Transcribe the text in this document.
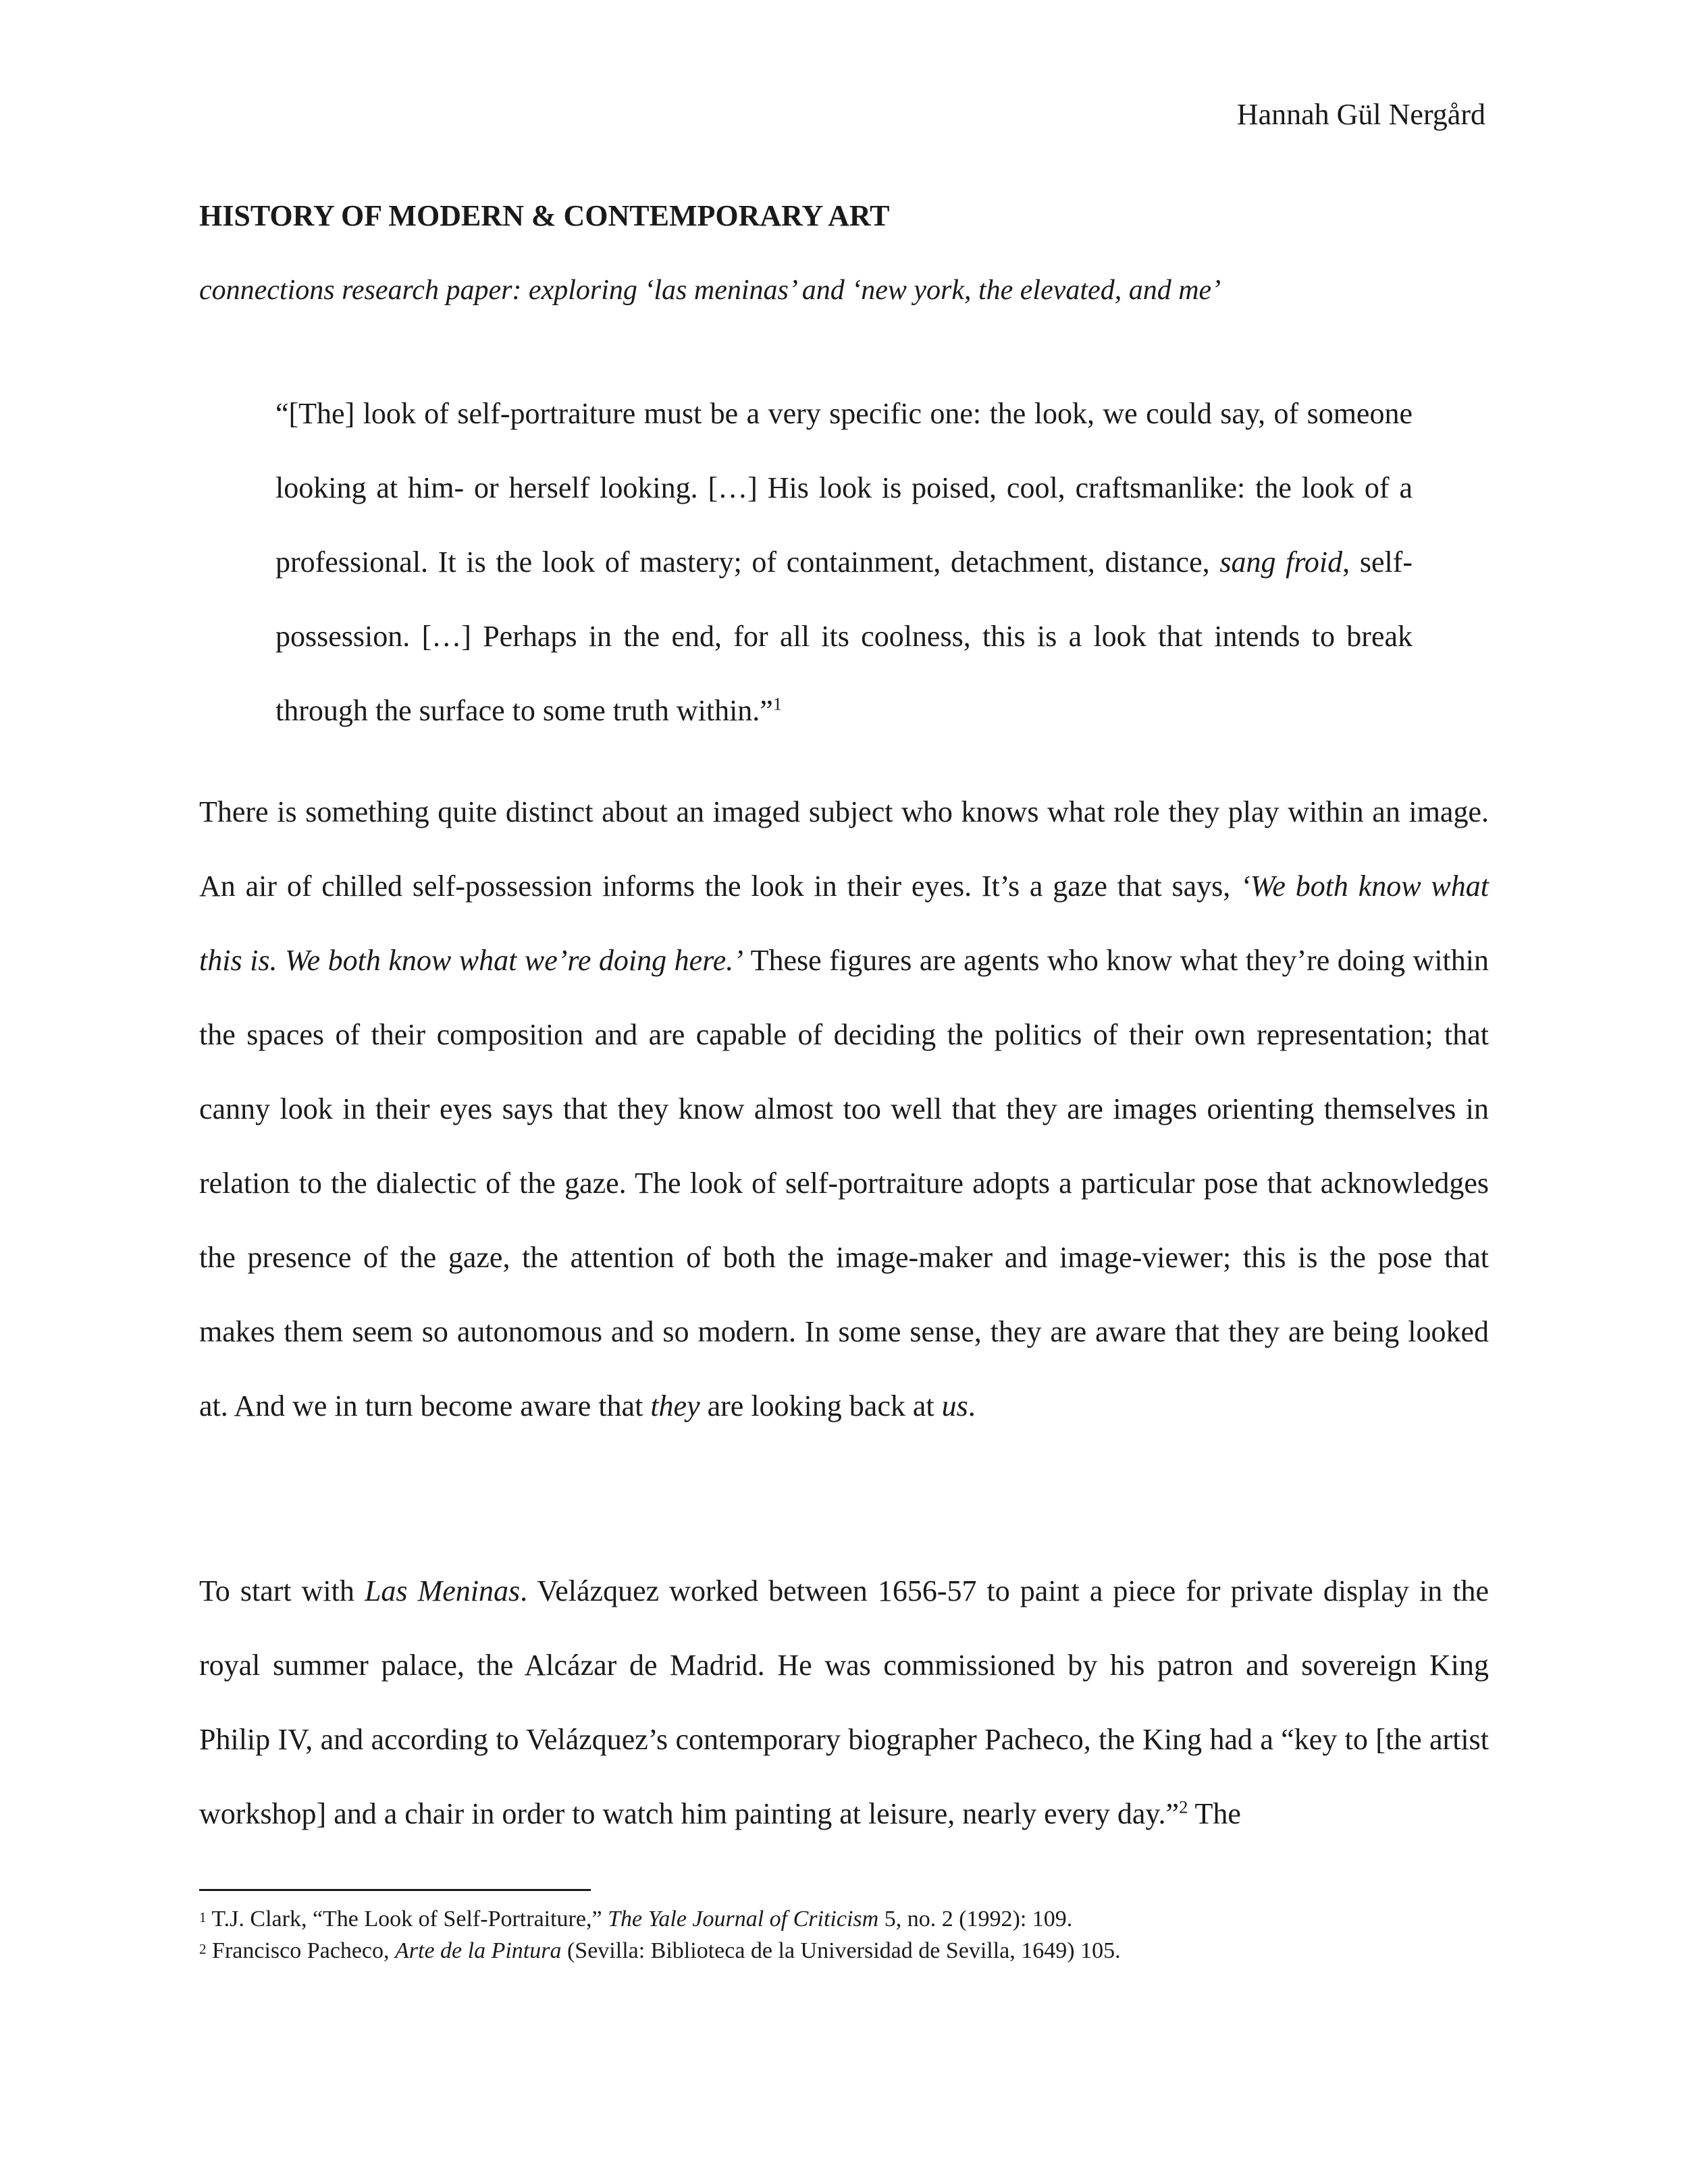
Hannah Gül Nergård
HISTORY OF MODERN & CONTEMPORARY ART
connections research paper: exploring ‘las meninas’ and ‘new york, the elevated, and me’
“[The] look of self-portraiture must be a very specific one: the look, we could say, of someone looking at him- or herself looking. […] His look is poised, cool, craftsmanlike: the look of a professional. It is the look of mastery; of containment, detachment, distance, sang froid, self-possession. […] Perhaps in the end, for all its coolness, this is a look that intends to break through the surface to some truth within.”$^1$
There is something quite distinct about an imaged subject who knows what role they play within an image. An air of chilled self-possession informs the look in their eyes. It’s a gaze that says, ‘We both know what this is. We both know what we’re doing here.’ These figures are agents who know what they’re doing within the spaces of their composition and are capable of deciding the politics of their own representation; that canny look in their eyes says that they know almost too well that they are images orienting themselves in relation to the dialectic of the gaze. The look of self-portraiture adopts a particular pose that acknowledges the presence of the gaze, the attention of both the image-maker and image-viewer; this is the pose that makes them seem so autonomous and so modern. In some sense, they are aware that they are being looked at. And we in turn become aware that they are looking back at us.
To start with Las Meninas. Velázquez worked between 1656-57 to paint a piece for private display in the royal summer palace, the Alcázar de Madrid. He was commissioned by his patron and sovereign King Philip IV, and according to Velázquez’s contemporary biographer Pacheco, the King had a “key to [the artist workshop] and a chair in order to watch him painting at leisure, nearly every day.”$^2$ The
1 T.J. Clark, “The Look of Self-Portraiture,” The Yale Journal of Criticism 5, no. 2 (1992): 109.
2 Francisco Pacheco, Arte de la Pintura (Sevilla: Biblioteca de la Universidad de Sevilla, 1649) 105.
